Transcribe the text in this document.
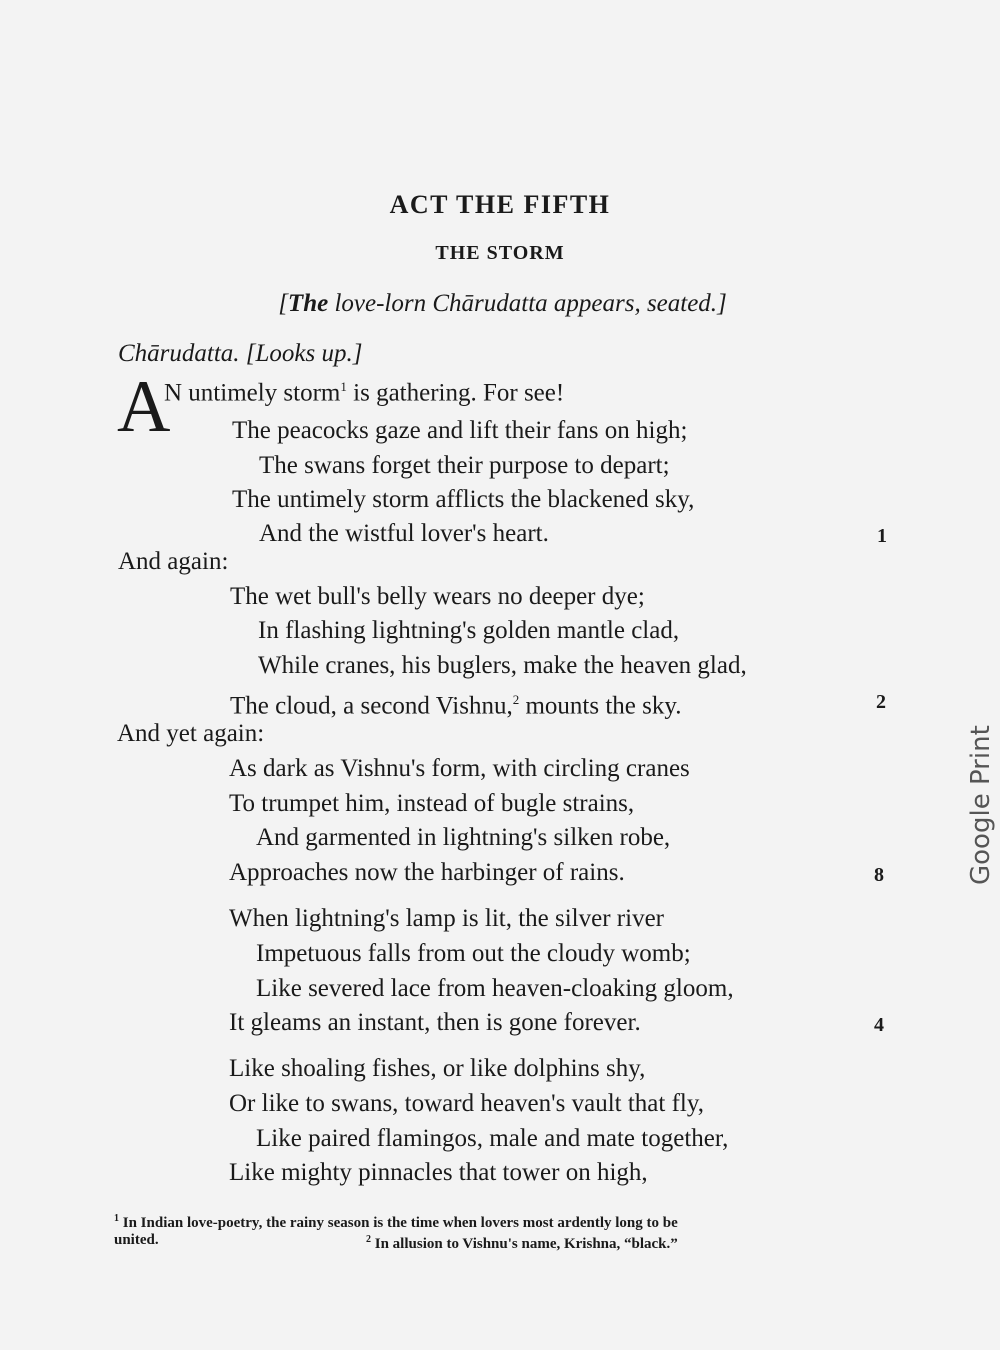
ACT THE FIFTH
THE STORM
[The love-lorn Chārudatta appears, seated.]
Chārudatta. [Looks up.]
A
N untimely storm$^1$ is gathering. For see!
The peacocks gaze and lift their fans on high;
The swans forget their purpose to depart;
The untimely storm afflicts the blackened sky,
And the wistful lover's heart.	1
And again:
The wet bull's belly wears no deeper dye;
In flashing lightning's golden mantle clad,
While cranes, his buglers, make the heaven glad,
The cloud, a second Vishnu,$^2$ mounts the sky.	2
And yet again:
As dark as Vishnu's form, with circling cranes
To trumpet him, instead of bugle strains,
And garmented in lightning's silken robe,
Approaches now the harbinger of rains.	8
When lightning's lamp is lit, the silver river
Impetuous falls from out the cloudy womb;
Like severed lace from heaven-cloaking gloom,
It gleams an instant, then is gone forever.	4
Like shoaling fishes, or like dolphins shy,
Or like to swans, toward heaven's vault that fly,
Like paired flamingos, male and mate together,
Like mighty pinnacles that tower on high,
$^1$ In Indian love-poetry, the rainy season is the time when lovers most ardently long to be
united.	$^2$ In allusion to Vishnu's name, Krishna, “black.”
Google Print
